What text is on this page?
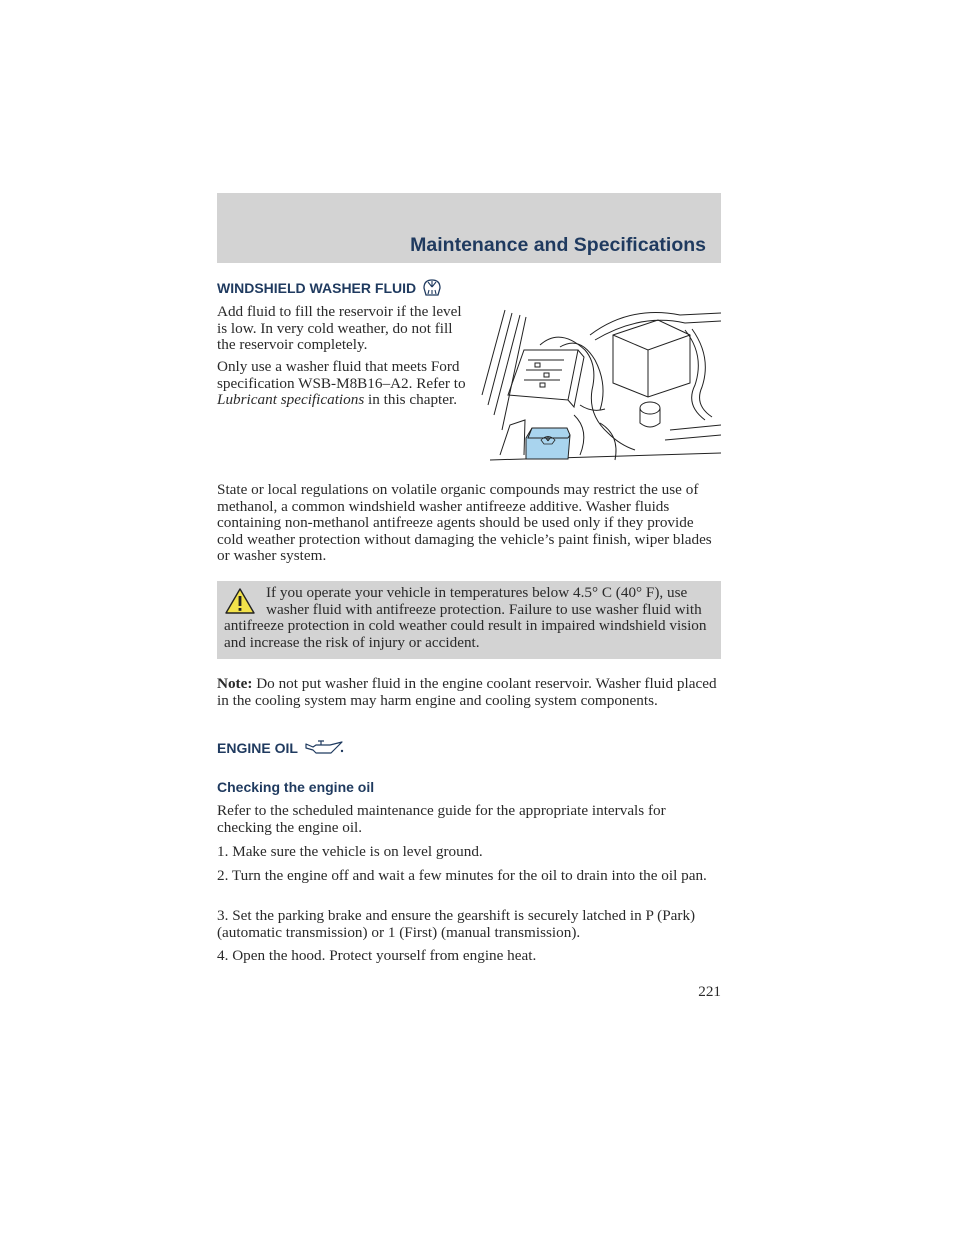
Maintenance and Specifications
WINDSHIELD WASHER FLUID

Add fluid to fill the reservoir if the level is low. In very cold weather, do not fill the reservoir completely.

Only use a washer fluid that meets Ford specification WSB-M8B16–A2. Refer to Lubricant specifications in this chapter.

State or local regulations on volatile organic compounds may restrict the use of methanol, a common windshield washer antifreeze additive. Washer fluids containing non-methanol antifreeze agents should be used only if they provide cold weather protection without damaging the vehicle’s paint finish, wiper blades or washer system.

If you operate your vehicle in temperatures below 4.5° C (40° F), use washer fluid with antifreeze protection. Failure to use washer fluid with antifreeze protection in cold weather could result in impaired windshield vision and increase the risk of injury or accident.

Note: Do not put washer fluid in the engine coolant reservoir. Washer fluid placed in the cooling system may harm engine and cooling system components.

ENGINE OIL
Checking the engine oil

Refer to the scheduled maintenance guide for the appropriate intervals for checking the engine oil.

1. Make sure the vehicle is on level ground.

2. Turn the engine off and wait a few minutes for the oil to drain into the oil pan.

3. Set the parking brake and ensure the gearshift is securely latched in P (Park) (automatic transmission) or 1 (First) (manual transmission).

4. Open the hood. Protect yourself from engine heat.

221
